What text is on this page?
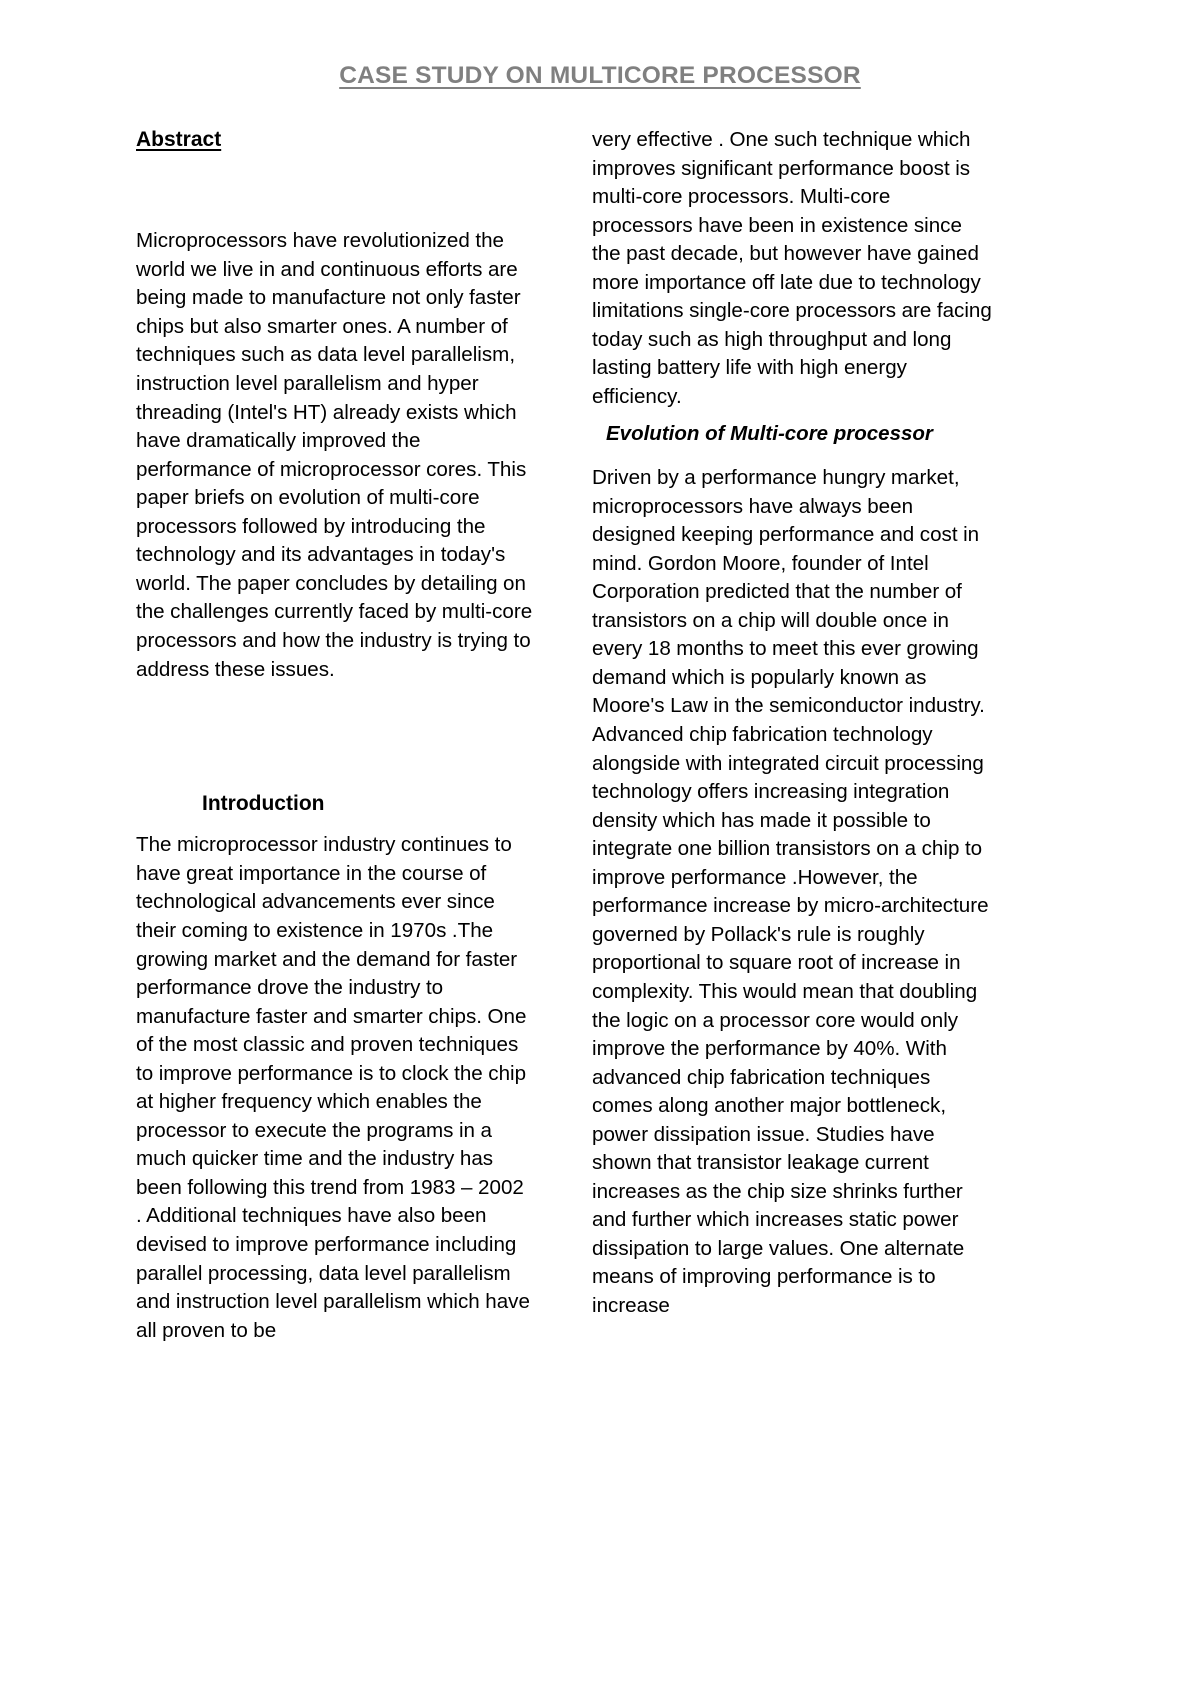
CASE STUDY ON MULTICORE PROCESSOR
Abstract

Microprocessors have revolutionized the world we live in and continuous efforts are being made to manufacture not only faster chips but also smarter ones. A number of techniques such as data level parallelism, instruction level parallelism and hyper threading (Intel's HT) already exists which have dramatically improved the performance of microprocessor cores. This paper briefs on evolution of multi-core processors followed by introducing the technology and its advantages in today's world. The paper concludes by detailing on the challenges currently faced by multi-core processors and how the industry is trying to address these issues.

Introduction

The microprocessor industry continues to have great importance in the course of technological advancements ever since their coming to existence in 1970s .The growing market and the demand for faster performance drove the industry to manufacture faster and smarter chips. One of the most classic and proven techniques to improve performance is to clock the chip at higher frequency which enables the processor to execute the programs in a much quicker time and the industry has been following this trend from 1983 – 2002 . Additional techniques have also been devised to improve performance including parallel processing, data level parallelism and instruction level parallelism which have all proven to be

very effective . One such technique which improves significant performance boost is multi-core processors. Multi-core processors have been in existence since the past decade, but however have gained more importance off late due to technology limitations single-core processors are facing today such as high throughput and long lasting battery life with high energy efficiency.

Evolution of Multi-core processor

Driven by a performance hungry market, microprocessors have always been designed keeping performance and cost in mind. Gordon Moore, founder of Intel Corporation predicted that the number of transistors on a chip will double once in every 18 months to meet this ever growing demand which is popularly known as Moore's Law in the semiconductor industry. Advanced chip fabrication technology alongside with integrated circuit processing technology offers increasing integration density which has made it possible to integrate one billion transistors on a chip to improve performance .However, the performance increase by micro-architecture governed by Pollack's rule is roughly proportional to square root of increase in complexity. This would mean that doubling the logic on a processor core would only improve the performance by 40%. With advanced chip fabrication techniques comes along another major bottleneck, power dissipation issue. Studies have shown that transistor leakage current increases as the chip size shrinks further and further which increases static power dissipation to large values. One alternate means of improving performance is to increase
